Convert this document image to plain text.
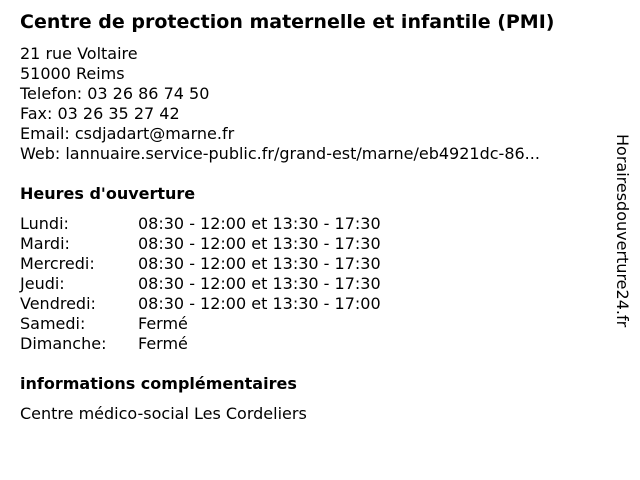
Centre de protection maternelle et infantile (PMI)
21 rue Voltaire
51000 Reims
Telefon: 03 26 86 74 50
Fax: 03 26 35 27 42
Email: csdjadart@marne.fr
Web: lannuaire.service-public.fr/grand-est/marne/eb4921dc-86...
Heures d'ouverture
Lundi:	08:30 - 12:00 et 13:30 - 17:30
Mardi:	08:30 - 12:00 et 13:30 - 17:30
Mercredi:	08:30 - 12:00 et 13:30 - 17:30
Jeudi:	08:30 - 12:00 et 13:30 - 17:30
Vendredi:	08:30 - 12:00 et 13:30 - 17:00
Samedi:	Fermé
Dimanche: Fermé
informations complémentaires
Centre médico-social Les Cordeliers
Horairesdouverture24.fr
